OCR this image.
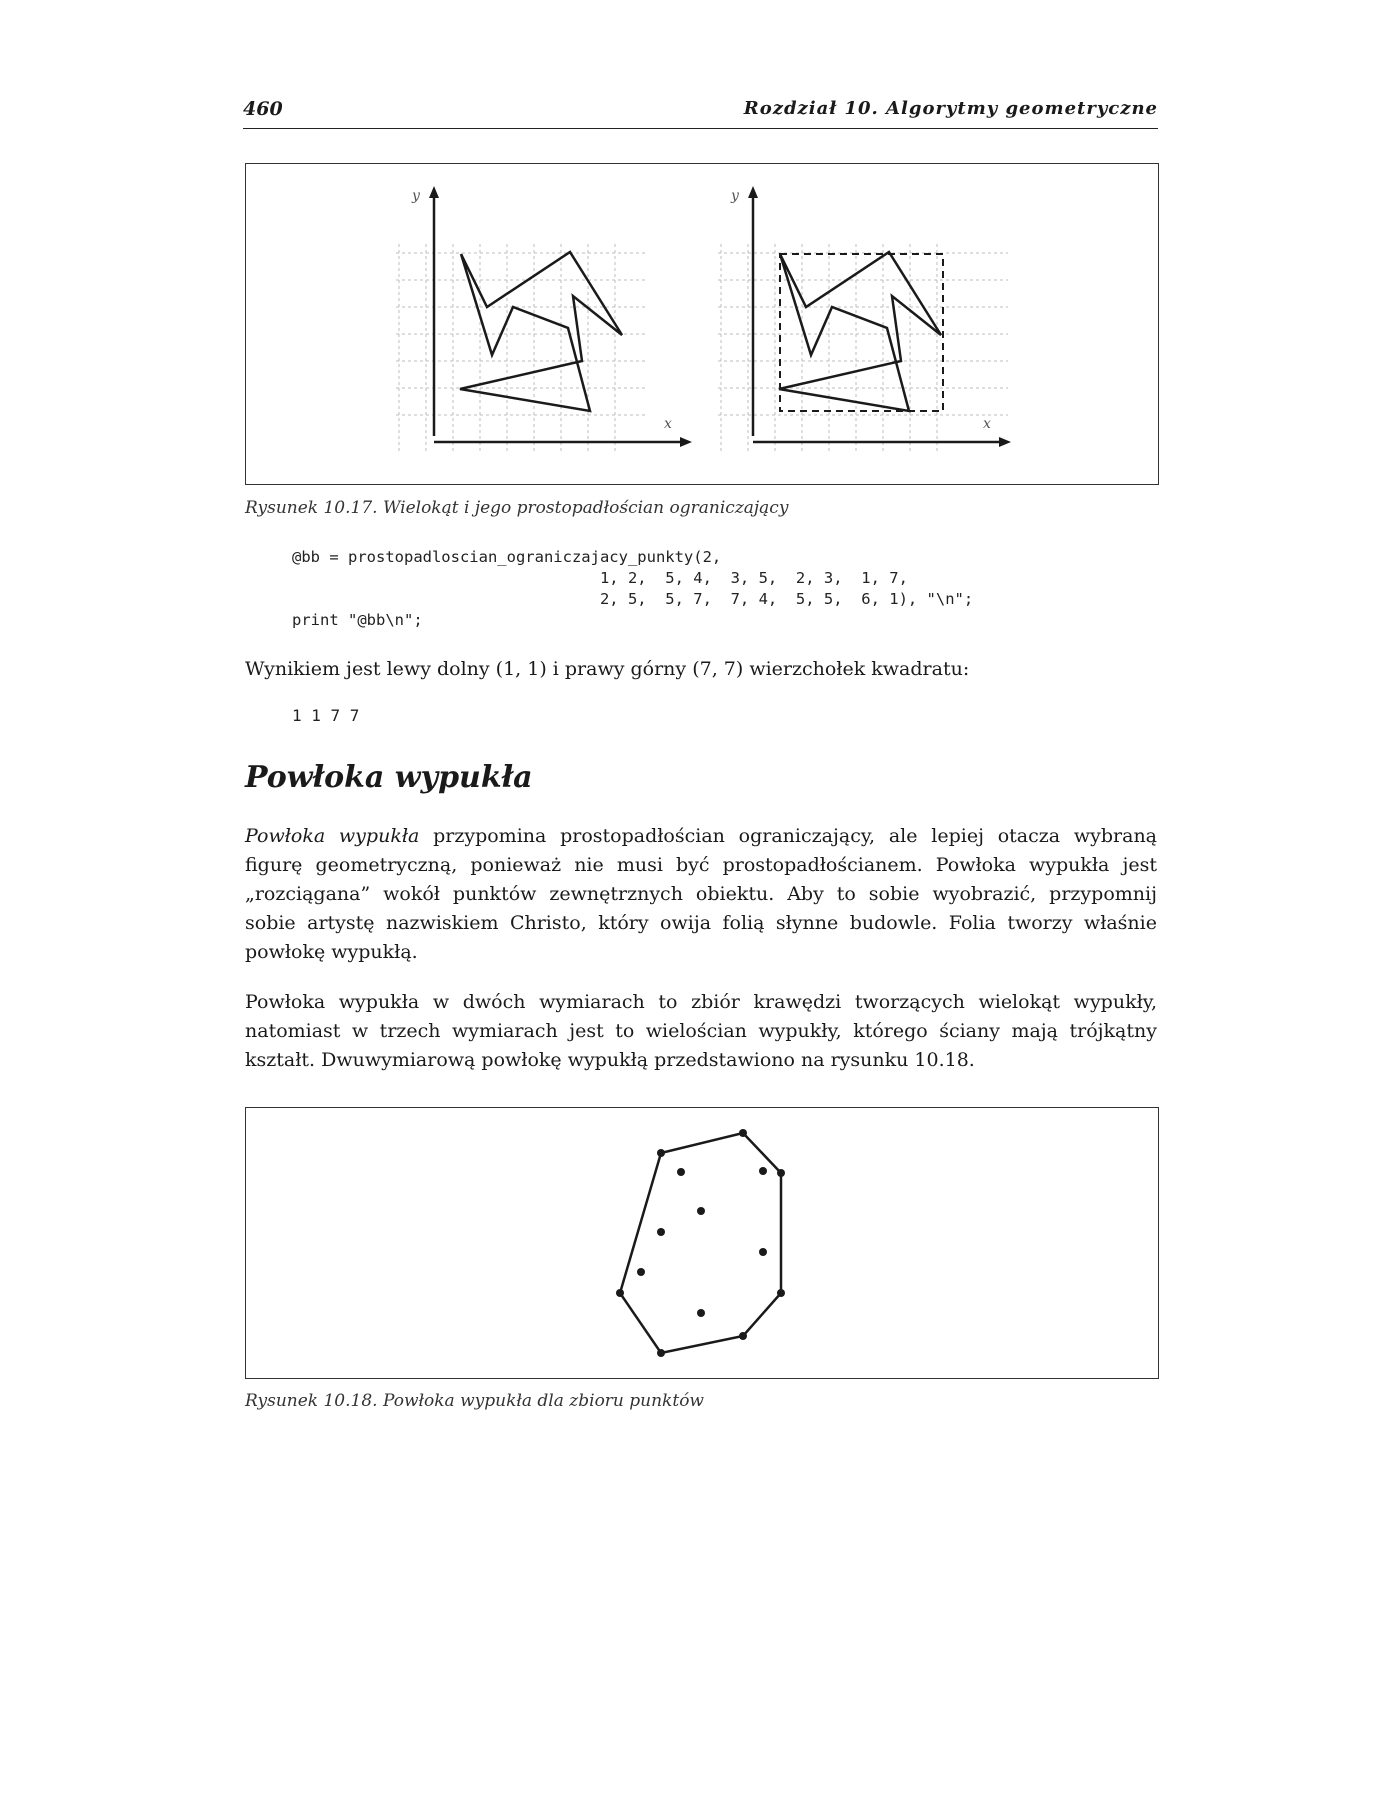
460	Rozdział 10. Algorytmy geometryczne
y
x
y
x
Rysunek 10.17. Wielokąt i jego prostopadłościan ograniczający
@bb = prostopadloscian_ograniczajacy_punkty(2,
1, 2,  5, 4,  3, 5,  2, 3,  1, 7,
2, 5,  5, 7,  7, 4,  5, 5,  6, 1), "\n";
print "@bb\n";
Wynikiem jest lewy dolny (1, 1) i prawy górny (7, 7) wierzchołek kwadratu:
1 1 7 7
Powłoka wypukła
Powłoka wypukła przypomina prostopadłościan ograniczający, ale lepiej otacza wybraną
figurę geometryczną, ponieważ nie musi być prostopadłościanem. Powłoka wypukła jest
„rozciągana” wokół punktów zewnętrznych obiektu. Aby to sobie wyobrazić, przypomnij
sobie artystę nazwiskiem Christo, który owija folią słynne budowle. Folia tworzy właśnie
powłokę wypukłą.
Powłoka wypukła w dwóch wymiarach to zbiór krawędzi tworzących wielokąt wypukły,
natomiast w trzech wymiarach jest to wielościan wypukły, którego ściany mają trójkątny
kształt. Dwuwymiarową powłokę wypukłą przedstawiono na rysunku 10.18.
Rysunek 10.18. Powłoka wypukła dla zbioru punktów
